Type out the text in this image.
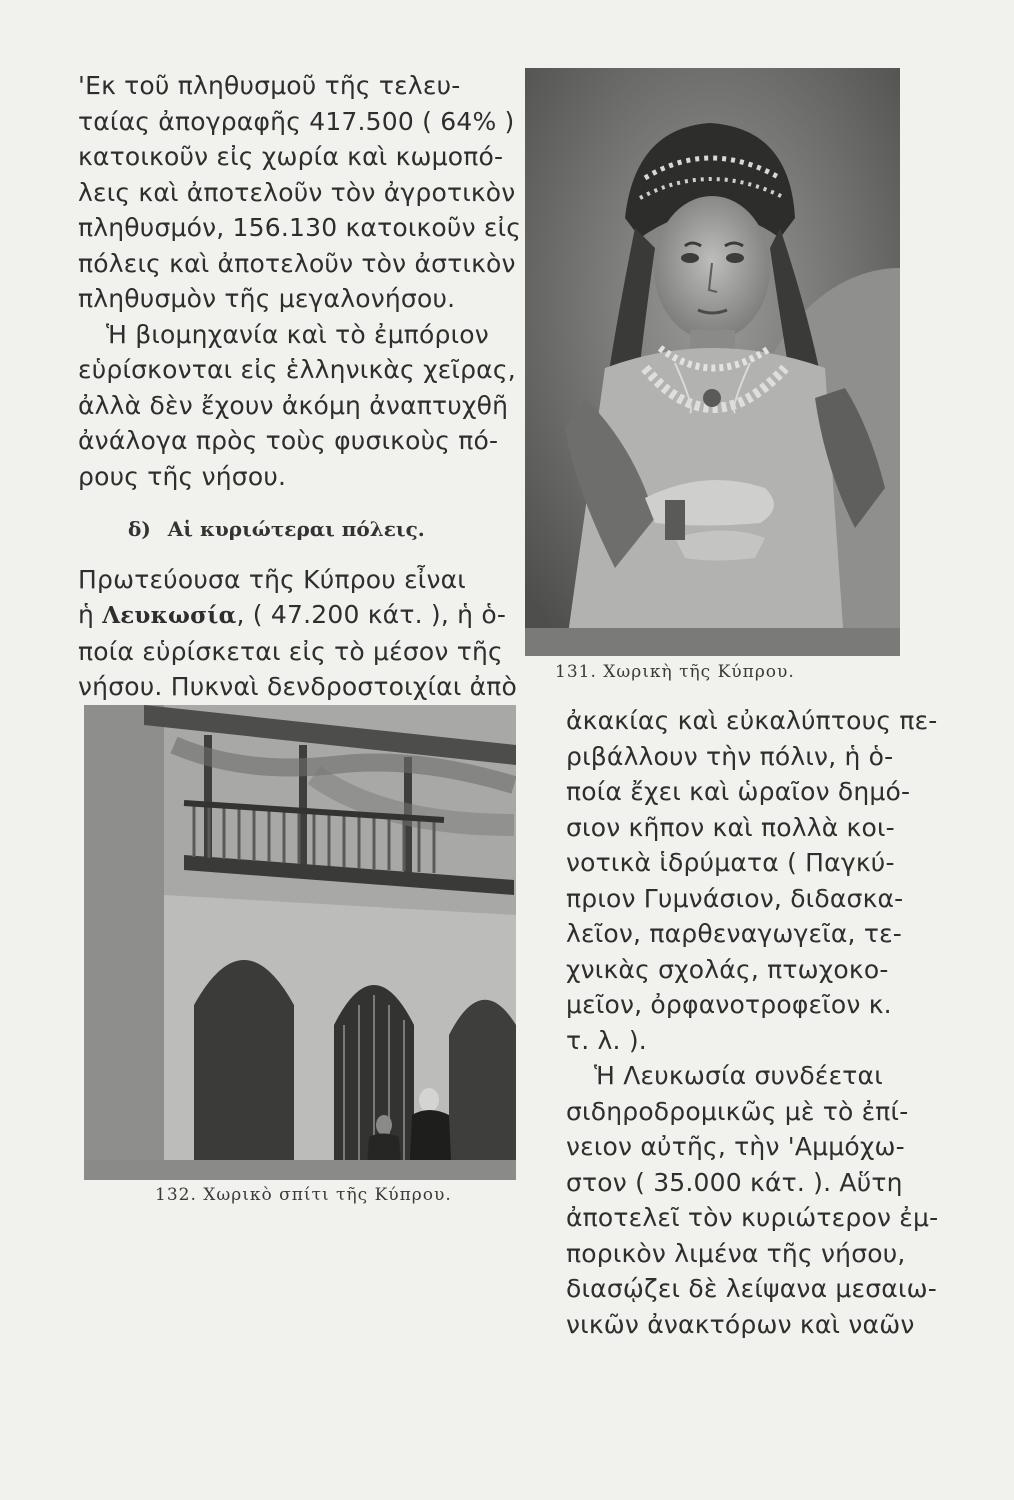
'Εκ τοῦ πληθυσμοῦ τῆς τελευ-
ταίας ἀπογραφῆς 417.500 ( 64% )
κατοικοῦν εἰς χωρία καὶ κωμοπό-
λεις καὶ ἀποτελοῦν τὸν ἀγροτικὸν
πληθυσμόν, 156.130 κατοικοῦν εἰς
πόλεις καὶ ἀποτελοῦν τὸν ἀστικὸν
πληθυσμὸν τῆς μεγαλονήσου.

Ἡ βιομηχανία καὶ τὸ ἐμπόριον
εὑρίσκονται εἰς ἑλληνικὰς χεῖρας,
ἀλλὰ δὲν ἔχουν ἀκόμη ἀναπτυχθῆ
ἀνάλογα πρὸς τοὺς φυσικοὺς πό-
ρους τῆς νήσου.

δ) Αἱ κυριώτεραι πόλεις.

Πρωτεύουσα τῆς Κύπρου εἶναι
ἡ Λευκωσία, ( 47.200 κάτ. ), ἡ ὁ-
ποία εὑρίσκεται εἰς τὸ μέσον τῆς
νήσου. Πυκναὶ δενδροστοιχίαι ἀπὸ 131. Χωρικὴ τῆς Κύπρου.
132. Χωρικὸ σπίτι τῆς Κύπρου.
ἀκακίας καὶ εὐκαλύπτους πε-
ριβάλλουν τὴν πόλιν, ἡ ὁ-
ποία ἔχει καὶ ὡραῖον δημό-
σιον κῆπον καὶ πολλὰ κοι-
νοτικὰ ἱδρύματα ( Παγκύ-
πριον Γυμνάσιον, διδασκα-
λεῖον, παρθεναγωγεῖα, τε-
χνικὰς σχολάς, πτωχοκο-
μεῖον, ὀρφανοτροφεῖον κ.
τ. λ. ).
Ἡ Λευκωσία συνδέεται
σιδηροδρομικῶς μὲ τὸ ἐπί-
νειον αὐτῆς, τὴν 'Αμμόχω-
στον ( 35.000 κάτ. ). Αὕτη
ἀποτελεῖ τὸν κυριώτερον ἐμ-
πορικὸν λιμένα τῆς νήσου,
διασῴζει δὲ λείψανα μεσαιω-
νικῶν ἀνακτόρων καὶ ναῶν
